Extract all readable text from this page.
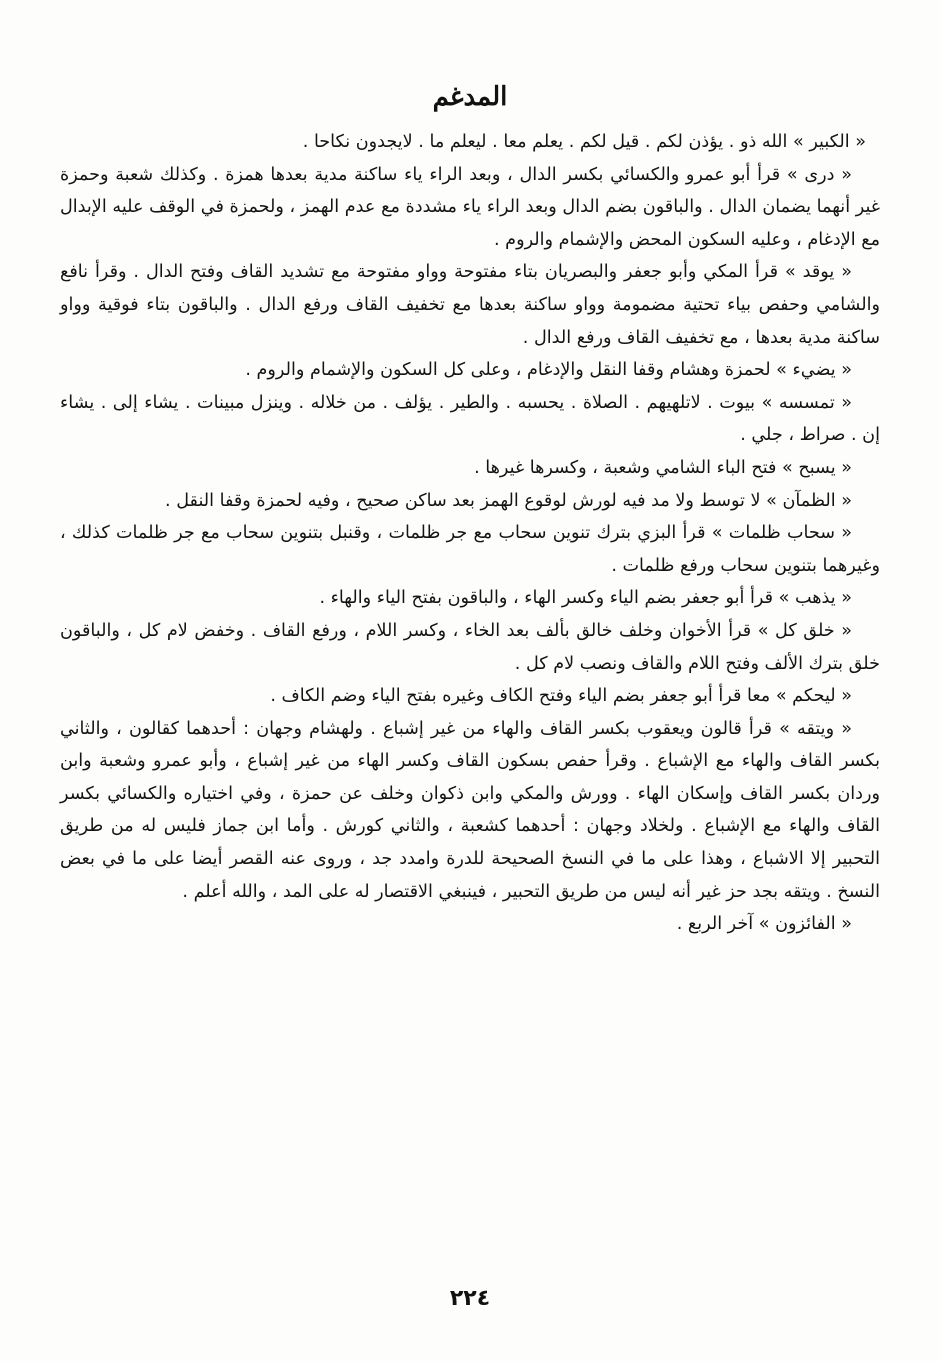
المدغم

« الكبير » الله ذو . يؤذن لكم . قيل لكم . يعلم معا . ليعلم ما . لايجدون نكاحا .

« درى » قرأ أبو عمرو والكسائي بكسر الدال ، وبعد الراء ياء ساكنة مدية بعدها همزة . وكذلك شعبة وحمزة غير أنهما يضمان الدال . والباقون بضم الدال وبعد الراء ياء مشددة مع عدم الهمز ، ولحمزة في الوقف عليه الإبدال مع الإدغام ، وعليه السكون المحض والإشمام والروم .

« يوقد » قرأ المكي وأبو جعفر والبصريان بتاء مفتوحة وواو مفتوحة مع تشديد القاف وفتح الدال . وقرأ نافع والشامي وحفص بياء تحتية مضمومة وواو ساكنة بعدها مع تخفيف القاف ورفع الدال . والباقون بتاء فوقية وواو ساكنة مدية بعدها ، مع تخفيف القاف ورفع الدال .

« يضيء » لحمزة وهشام وقفا النقل والإدغام ، وعلى كل السكون والإشمام والروم .

« تمسسه » بيوت . لاتلهيهم . الصلاة . يحسبه . والطير . يؤلف . من خلاله . وينزل مبينات . يشاء إلى . يشاء إن . صراط ، جلي .

« يسبح » فتح الباء الشامي وشعبة ، وكسرها غيرها .

« الظمآن » لا توسط ولا مد فيه لورش لوقوع الهمز بعد ساكن صحيح ، وفيه لحمزة وقفا النقل .

« سحاب ظلمات » قرأ البزي بترك تنوين سحاب مع جر ظلمات ، وقنبل بتنوين سحاب مع جر ظلمات كذلك ، وغيرهما بتنوين سحاب ورفع ظلمات .

« يذهب » قرأ أبو جعفر بضم الياء وكسر الهاء ، والباقون بفتح الياء والهاء .

« خلق كل » قرأ الأخوان وخلف خالق بألف بعد الخاء ، وكسر اللام ، ورفع القاف . وخفض لام كل ، والباقون خلق بترك الألف وفتح اللام والقاف ونصب لام كل .

« ليحكم » معا قرأ أبو جعفر بضم الياء وفتح الكاف وغيره بفتح الياء وضم الكاف .

« ويتقه » قرأ قالون ويعقوب بكسر القاف والهاء من غير إشباع . ولهشام وجهان : أحدهما كقالون ، والثاني بكسر القاف والهاء مع الإشباع . وقرأ حفص بسكون القاف وكسر الهاء من غير إشباع ، وأبو عمرو وشعبة وابن وردان بكسر القاف وإسكان الهاء . وورش والمكي وابن ذكوان وخلف عن حمزة ، وفي اختياره والكسائي بكسر القاف والهاء مع الإشباع . ولخلاد وجهان : أحدهما كشعبة ، والثاني كورش . وأما ابن جماز فليس له من طريق التحبير إلا الاشباع ، وهذا على ما في النسخ الصحيحة للدرة وامدد جد ، وروى عنه القصر أيضا على ما في بعض النسخ . ويتقه بجد حز غير أنه ليس من طريق التحبير ، فينبغي الاقتصار له على المد ، والله أعلم .

« الفائزون » آخر الربع .

٢٢٤
